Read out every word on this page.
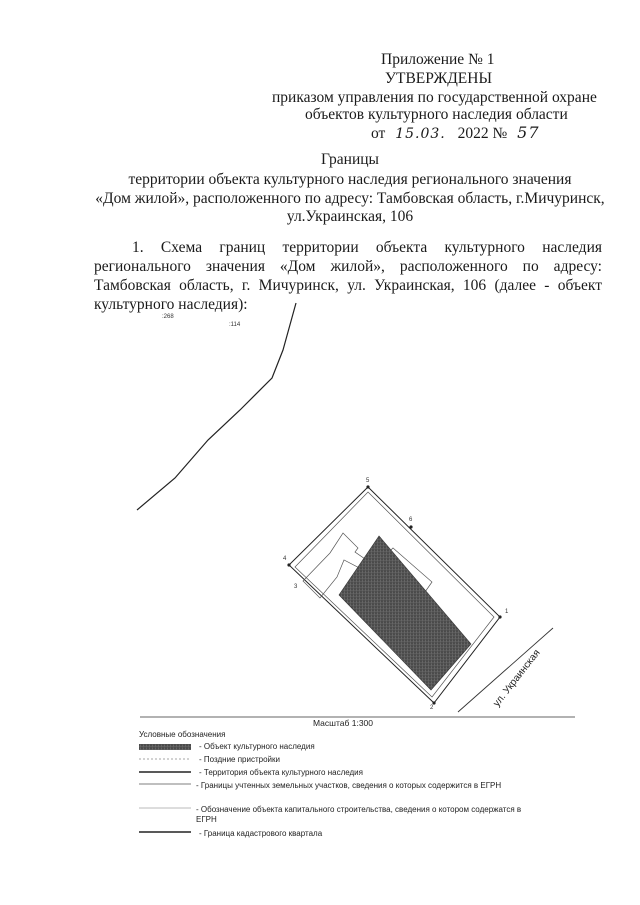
Приложение № 1
УТВЕРЖДЕНЫ
приказом управления по государственной охране
объектов культурного наследия области
от 15.03. 2022 № 57
Границы
территории объекта культурного наследия регионального значения
«Дом жилой», расположенного по адресу: Тамбовская область, г.Мичуринск,
ул.Украинская, 106
1. Схема границ территории объекта культурного наследия
регионального значения «Дом жилой», расположенного по адресу:
Тамбовская область, г. Мичуринск, ул. Украинская, 106 (далее - объект
культурного наследия):
:268
:114
5
6
4
3
1
2	ул. Украинская
Масштаб 1:300
Условные обозначения
- Объект культурного наследия
- Поздние пристройки
- Территория объекта культурного наследия
- Границы учтенных земельных участков, сведения о которых содержится в ЕГРН
- Обозначение объекта капитального строительства, сведения о котором содержатся в ЕГРН
- Граница кадастрового квартала
